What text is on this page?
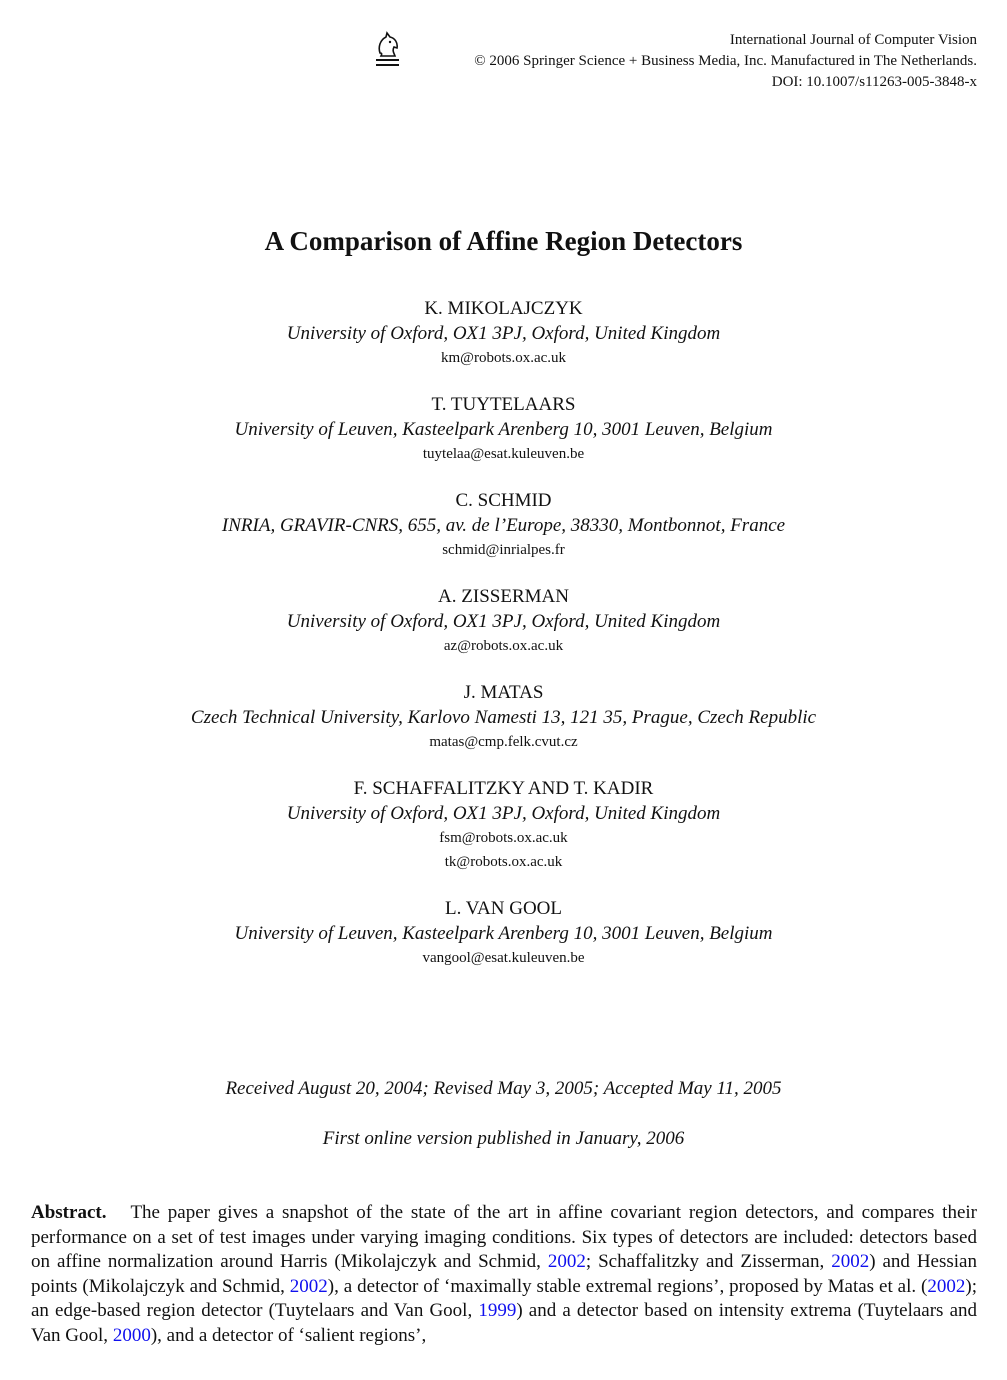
International Journal of Computer Vision
© 2006 Springer Science + Business Media, Inc. Manufactured in The Netherlands.
DOI: 10.1007/s11263-005-3848-x
A Comparison of Affine Region Detectors
K. MIKOLAJCZYK
University of Oxford, OX1 3PJ, Oxford, United Kingdom
km@robots.ox.ac.uk
T. TUYTELAARS
University of Leuven, Kasteelpark Arenberg 10, 3001 Leuven, Belgium
tuytelaa@esat.kuleuven.be
C. SCHMID
INRIA, GRAVIR-CNRS, 655, av. de l’Europe, 38330, Montbonnot, France
schmid@inrialpes.fr
A. ZISSERMAN
University of Oxford, OX1 3PJ, Oxford, United Kingdom
az@robots.ox.ac.uk
J. MATAS
Czech Technical University, Karlovo Namesti 13, 121 35, Prague, Czech Republic
matas@cmp.felk.cvut.cz
F. SCHAFFALITZKY AND T. KADIR
University of Oxford, OX1 3PJ, Oxford, United Kingdom
fsm@robots.ox.ac.uk
tk@robots.ox.ac.uk
L. VAN GOOL
University of Leuven, Kasteelpark Arenberg 10, 3001 Leuven, Belgium
vangool@esat.kuleuven.be
Received August 20, 2004; Revised May 3, 2005; Accepted May 11, 2005
First online version published in January, 2006
Abstract. The paper gives a snapshot of the state of the art in affine covariant region detectors, and compares their performance on a set of test images under varying imaging conditions. Six types of detectors are included: detectors based on affine normalization around Harris (Mikolajczyk and Schmid, 2002; Schaffalitzky and Zisserman, 2002) and Hessian points (Mikolajczyk and Schmid, 2002), a detector of ‘maximally stable extremal regions’, proposed by Matas et al. (2002); an edge-based region detector (Tuytelaars and Van Gool, 1999) and a detector based on intensity extrema (Tuytelaars and Van Gool, 2000), and a detector of ‘salient regions’,
